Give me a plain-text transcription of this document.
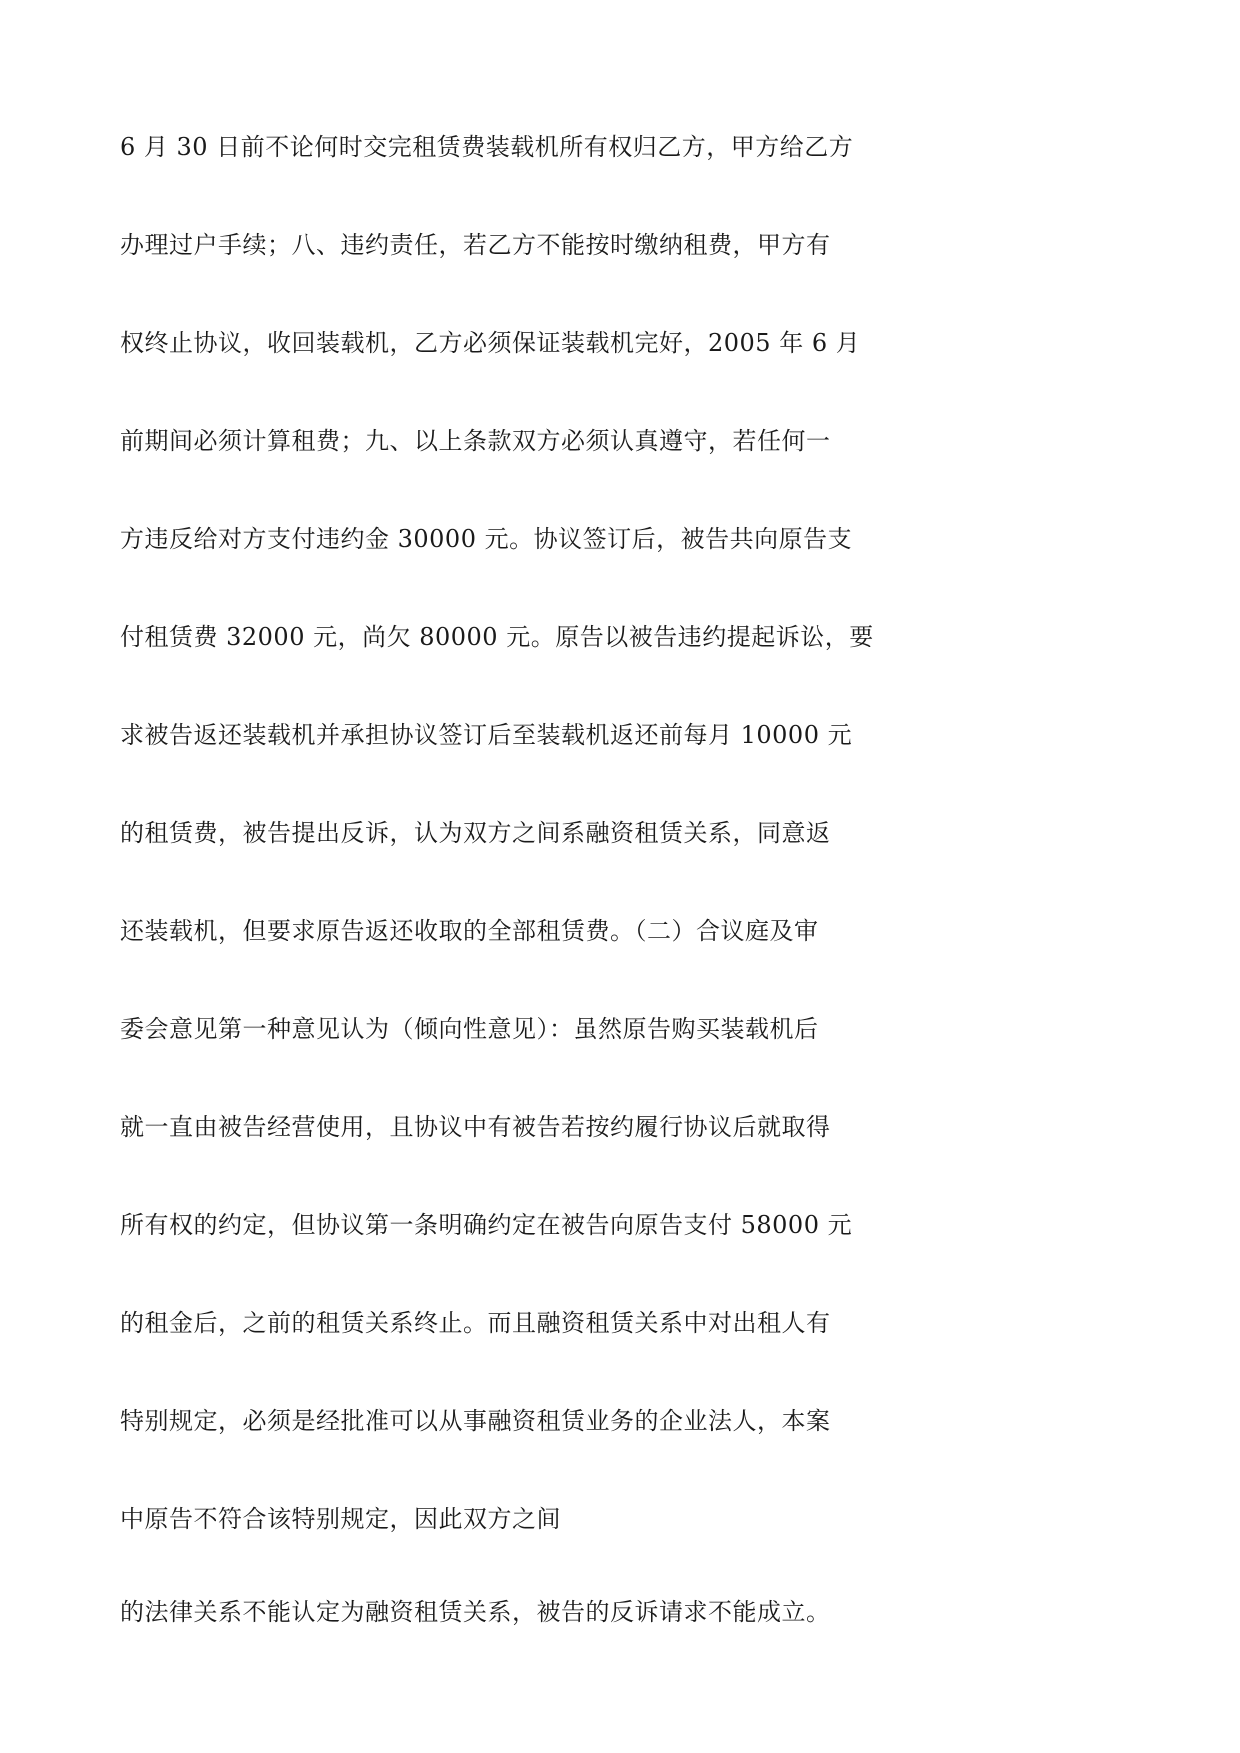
6 月 30 日前不论何时交完租赁费装载机所有权归乙方，甲方给乙方

办理过户手续；八、违约责任，若乙方不能按时缴纳租费，甲方有

权终止协议，收回装载机，乙方必须保证装载机完好，2005 年 6 月

前期间必须计算租费；九、以上条款双方必须认真遵守，若任何一

方违反给对方支付违约金 30000 元。协议签订后，被告共向原告支

付租赁费 32000 元，尚欠 80000 元。原告以被告违约提起诉讼，要

求被告返还装载机并承担协议签订后至装载机返还前每月 10000 元

的租赁费，被告提出反诉，认为双方之间系融资租赁关系，同意返

还装载机，但要求原告返还收取的全部租赁费。（二）合议庭及审

委会意见第一种意见认为（倾向性意见）：虽然原告购买装载机后

就一直由被告经营使用，且协议中有被告若按约履行协议后就取得

所有权的约定，但协议第一条明确约定在被告向原告支付 58000 元

的租金后，之前的租赁关系终止。而且融资租赁关系中对出租人有

特别规定，必须是经批准可以从事融资租赁业务的企业法人，本案

中原告不符合该特别规定，因此双方之间

的法律关系不能认定为融资租赁关系，被告的反诉请求不能成立。
